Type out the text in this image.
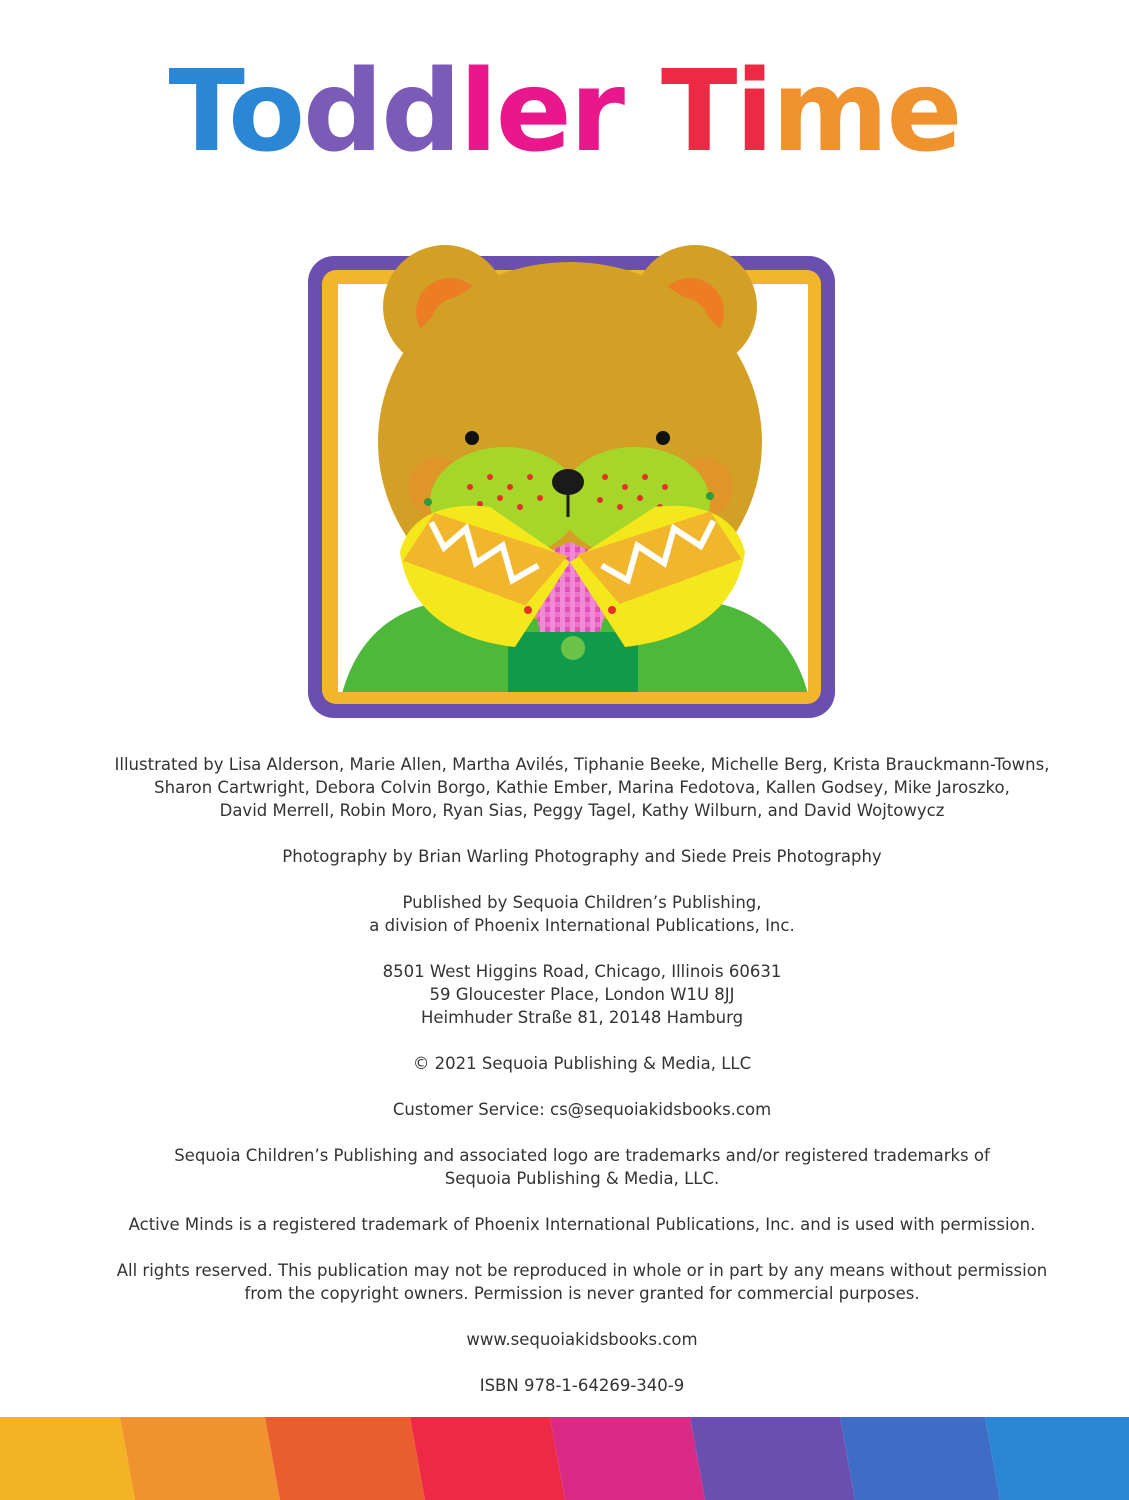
Toddler Time

Illustrated by Lisa Alderson, Marie Allen, Martha Avilés, Tiphanie Beeke, Michelle Berg, Krista Brauckmann-Towns,
Sharon Cartwright, Debora Colvin Borgo, Kathie Ember, Marina Fedotova, Kallen Godsey, Mike Jaroszko,
David Merrell, Robin Moro, Ryan Sias, Peggy Tagel, Kathy Wilburn, and David Wojtowycz

Photography by Brian Warling Photography and Siede Preis Photography

Published by Sequoia Children’s Publishing,
a division of Phoenix International Publications, Inc.

8501 West Higgins Road, Chicago, Illinois 60631
59 Gloucester Place, London W1U 8JJ
Heimhuder Straße 81, 20148 Hamburg

© 2021 Sequoia Publishing & Media, LLC

Customer Service: cs@sequoiakidsbooks.com

Sequoia Children’s Publishing and associated logo are trademarks and/or registered trademarks of
Sequoia Publishing & Media, LLC.

Active Minds is a registered trademark of Phoenix International Publications, Inc. and is used with permission.

All rights reserved. This publication may not be reproduced in whole or in part by any means without permission
from the copyright owners. Permission is never granted for commercial purposes.

www.sequoiakidsbooks.com

ISBN 978-1-64269-340-9
